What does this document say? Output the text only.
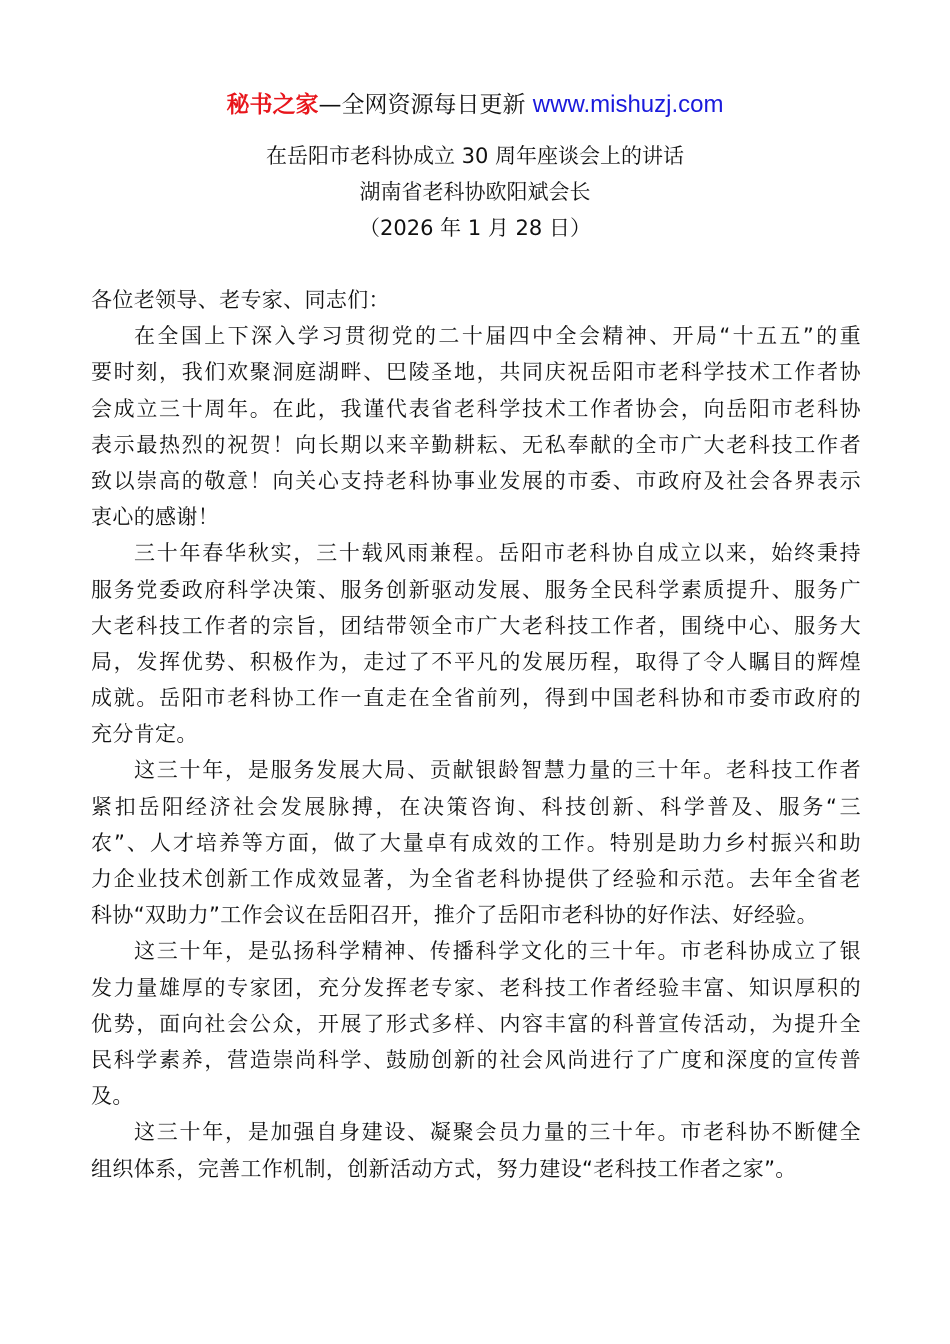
秘书之家—全网资源每日更新 www.mishuzj.com
在岳阳市老科协成立 30 周年座谈会上的讲话
湖南省老科协欧阳斌会长
（2026 年 1 月 28 日）
各位老领导、老专家、同志们：
在全国上下深入学习贯彻党的二十届四中全会精神、开局“十五五”的重
要时刻，我们欢聚洞庭湖畔、巴陵圣地，共同庆祝岳阳市老科学技术工作者协
会成立三十周年。在此，我谨代表省老科学技术工作者协会，向岳阳市老科协
表示最热烈的祝贺！向长期以来辛勤耕耘、无私奉献的全市广大老科技工作者
致以崇高的敬意！向关心支持老科协事业发展的市委、市政府及社会各界表示
衷心的感谢！
三十年春华秋实，三十载风雨兼程。岳阳市老科协自成立以来，始终秉持
服务党委政府科学决策、服务创新驱动发展、服务全民科学素质提升、服务广
大老科技工作者的宗旨，团结带领全市广大老科技工作者，围绕中心、服务大
局，发挥优势、积极作为，走过了不平凡的发展历程，取得了令人瞩目的辉煌
成就。岳阳市老科协工作一直走在全省前列，得到中国老科协和市委市政府的
充分肯定。
这三十年，是服务发展大局、贡献银龄智慧力量的三十年。老科技工作者
紧扣岳阳经济社会发展脉搏，在决策咨询、科技创新、科学普及、服务“三
农”、人才培养等方面，做了大量卓有成效的工作。特别是助力乡村振兴和助
力企业技术创新工作成效显著，为全省老科协提供了经验和示范。去年全省老
科协“双助力”工作会议在岳阳召开，推介了岳阳市老科协的好作法、好经验。
这三十年，是弘扬科学精神、传播科学文化的三十年。市老科协成立了银
发力量雄厚的专家团，充分发挥老专家、老科技工作者经验丰富、知识厚积的
优势，面向社会公众，开展了形式多样、内容丰富的科普宣传活动，为提升全
民科学素养，营造崇尚科学、鼓励创新的社会风尚进行了广度和深度的宣传普
及。
这三十年，是加强自身建设、凝聚会员力量的三十年。市老科协不断健全
组织体系，完善工作机制，创新活动方式，努力建设“老科技工作者之家”。
